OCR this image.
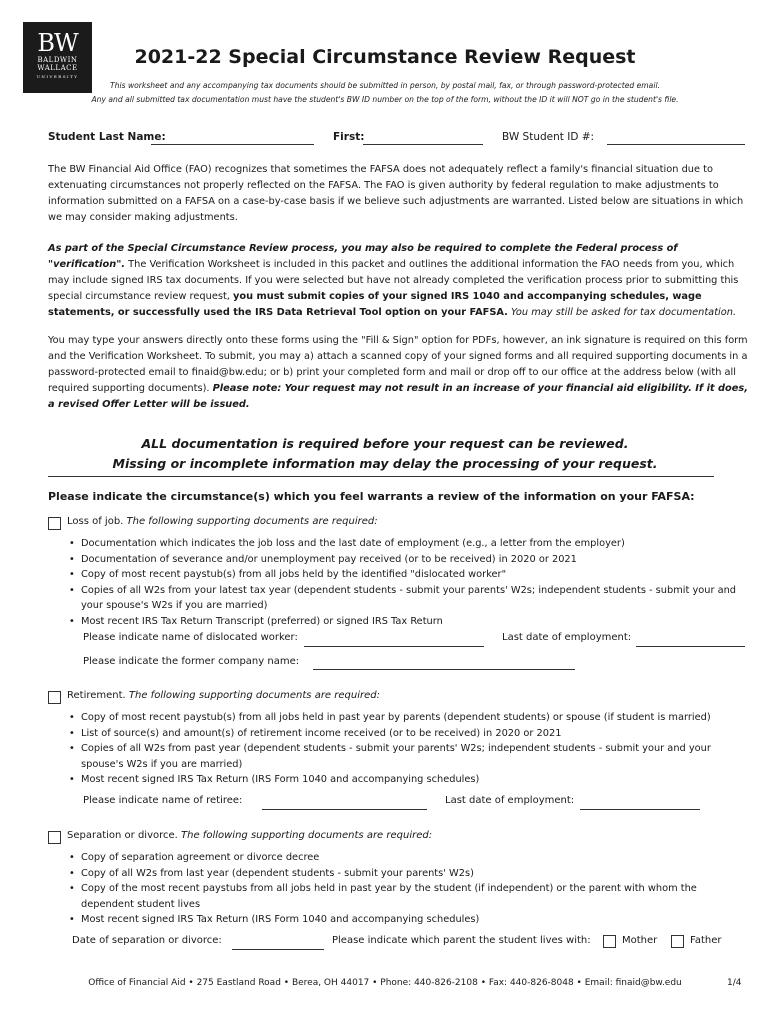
BW
BALDWIN
WALLACE
UNIVERSITY
2021-22 Special Circumstance Review Request
This worksheet and any accompanying tax documents should be submitted in person, by postal mail, fax, or through password-protected email.
Any and all submitted tax documentation must have the student's BW ID number on the top of the form, without the ID it will NOT go in the student's file.
Student Last Name:	First:	BW Student ID #:
The BW Financial Aid Office (FAO) recognizes that sometimes the FAFSA does not adequately reflect a family's financial situation due to extenuating circumstances not properly reflected on the FAFSA. The FAO is given authority by federal regulation to make adjustments to information submitted on a FAFSA on a case-by-case basis if we believe such adjustments are warranted. Listed below are situations in which we may consider making adjustments.
As part of the Special Circumstance Review process, you may also be required to complete the Federal process of "verification". The Verification Worksheet is included in this packet and outlines the additional information the FAO needs from you, which may include signed IRS tax documents. If you were selected but have not already completed the verification process prior to submitting this special circumstance review request, you must submit copies of your signed IRS 1040 and accompanying schedules, wage statements, or successfully used the IRS Data Retrieval Tool option on your FAFSA. You may still be asked for tax documentation.
You may type your answers directly onto these forms using the "Fill & Sign" option for PDFs, however, an ink signature is required on this form and the Verification Worksheet. To submit, you may a) attach a scanned copy of your signed forms and all required supporting documents in a password-protected email to finaid@bw.edu; or b) print your completed form and mail or drop off to our office at the address below (with all required supporting documents). Please note: Your request may not result in an increase of your financial aid eligibility. If it does, a revised Offer Letter will be issued.
ALL documentation is required before your request can be reviewed.
Missing or incomplete information may delay the processing of your request.
Please indicate the circumstance(s) which you feel warrants a review of the information on your FAFSA:
Loss of job. The following supporting documents are required:
• Documentation which indicates the job loss and the last date of employment (e.g., a letter from the employer)
• Documentation of severance and/or unemployment pay received (or to be received) in 2020 or 2021
• Copy of most recent paystub(s) from all jobs held by the identified "dislocated worker"
• Copies of all W2s from your latest tax year (dependent students - submit your parents' W2s; independent students - submit your and your spouse's W2s if you are married)
• Most recent IRS Tax Return Transcript (preferred) or signed IRS Tax Return
Please indicate name of dislocated worker:	Last date of employment:
Please indicate the former company name:
Retirement. The following supporting documents are required:
• Copy of most recent paystub(s) from all jobs held in past year by parents (dependent students) or spouse (if student is married)
• List of source(s) and amount(s) of retirement income received (or to be received) in 2020 or 2021
• Copies of all W2s from past year (dependent students - submit your parents' W2s; independent students - submit your and your spouse's W2s if you are married)
• Most recent signed IRS Tax Return (IRS Form 1040 and accompanying schedules)
Please indicate name of retiree:	Last date of employment:
Separation or divorce. The following supporting documents are required:
• Copy of separation agreement or divorce decree
• Copy of all W2s from last year (dependent students - submit your parents' W2s)
• Copy of the most recent paystubs from all jobs held in past year by the student (if independent) or the parent with whom the dependent student lives
• Most recent signed IRS Tax Return (IRS Form 1040 and accompanying schedules)
Date of separation or divorce:	Please indicate which parent the student lives with:	Mother	Father
Office of Financial Aid • 275 Eastland Road • Berea, OH 44017 • Phone: 440-826-2108 • Fax: 440-826-8048 • Email: finaid@bw.edu	1/4
